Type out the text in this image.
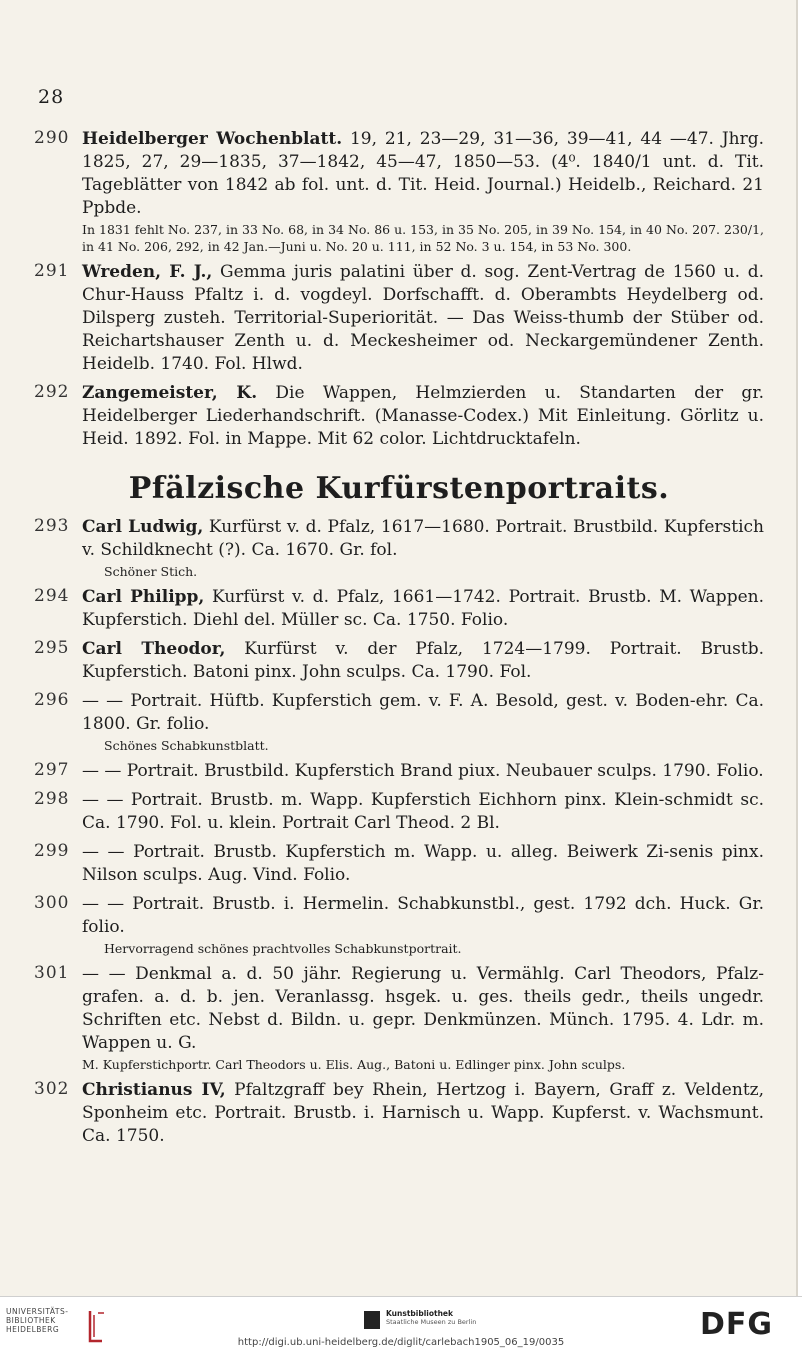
28
290 Heidelberger Wochenblatt. 19, 21, 23—29, 31—36, 39—41, 44 —47. Jhrg. 1825, 27, 29—1835, 37—1842, 45—47, 1850—53. (4⁰. 1840/1 unt. d. Tit. Tageblätter von 1842 ab fol. unt. d. Tit. Heid. Journal.) Heidelb., Reichard. 21 Ppbde.
In 1831 fehlt No. 237, in 33 No. 68, in 34 No. 86 u. 153, in 35 No. 205, in 39 No. 154, in 40 No. 207. 230/1, in 41 No. 206, 292, in 42 Jan.—Juni u. No. 20 u. 111, in 52 No. 3 u. 154, in 53 No. 300.
291 Wreden, F. J., Gemma juris palatini über d. sog. Zent-Vertrag de 1560 u. d. Chur-Hauss Pfaltz i. d. vogdeyl. Dorfschafft. d. Oberambts Heydelberg od. Dilsperg zusteh. Territorial-Superiorität. — Das Weiss-thumb der Stüber od. Reichartshauser Zenth u. d. Meckesheimer od. Neckargemündener Zenth. Heidelb. 1740. Fol. Hlwd.
292 Zangemeister, K. Die Wappen, Helmzierden u. Standarten der gr. Heidelberger Liederhandschrift. (Manasse-Codex.) Mit Einleitung. Görlitz u. Heid. 1892. Fol. in Mappe. Mit 62 color. Lichtdrucktafeln.
Pfälzische Kurfürstenportraits.
293 Carl Ludwig, Kurfürst v. d. Pfalz, 1617—1680. Portrait. Brustbild. Kupferstich v. Schildknecht (?). Ca. 1670. Gr. fol.
Schöner Stich.
294 Carl Philipp, Kurfürst v. d. Pfalz, 1661—1742. Portrait. Brustb. M. Wappen. Kupferstich. Diehl del. Müller sc. Ca. 1750. Folio.
295 Carl Theodor, Kurfürst v. der Pfalz, 1724—1799. Portrait. Brustb. Kupferstich. Batoni pinx. John sculps. Ca. 1790. Fol.
296 — — Portrait. Hüftb. Kupferstich gem. v. F. A. Besold, gest. v. Boden-ehr. Ca. 1800. Gr. folio.
Schönes Schabkunstblatt.
297 — — Portrait. Brustbild. Kupferstich Brand piux. Neubauer sculps. 1790. Folio.
298 — — Portrait. Brustb. m. Wapp. Kupferstich Eichhorn pinx. Klein-schmidt sc. Ca. 1790. Fol. u. klein. Portrait Carl Theod. 2 Bl.
299 — — Portrait. Brustb. Kupferstich m. Wapp. u. alleg. Beiwerk Zi-senis pinx. Nilson sculps. Aug. Vind. Folio.
300 — — Portrait. Brustb. i. Hermelin. Schabkunstbl., gest. 1792 dch. Huck. Gr. folio.
Hervorragend schönes prachtvolles Schabkunstportrait.
301 — — Denkmal a. d. 50 jähr. Regierung u. Vermählg. Carl Theodors, Pfalz-grafen. a. d. b. jen. Veranlassg. hsgek. u. ges. theils gedr., theils ungedr. Schriften etc. Nebst d. Bildn. u. gepr. Denkmünzen. Münch. 1795. 4. Ldr. m. Wappen u. G.
M. Kupferstichportr. Carl Theodors u. Elis. Aug., Batoni u. Edlinger pinx. John sculps.
302 Christianus IV, Pfaltzgraff bey Rhein, Hertzog i. Bayern, Graff z. Veldentz, Sponheim etc. Portrait. Brustb. i. Harnisch u. Wapp. Kupferst. v. Wachsmunt. Ca. 1750.
UNIVERSITÄTS-
BIBLIOTHEK
HEIDELBERG
Kunstbibliothek
Staatliche Museen zu Berlin	DFG
http://digi.ub.uni-heidelberg.de/diglit/carlebach1905_06_19/0035
